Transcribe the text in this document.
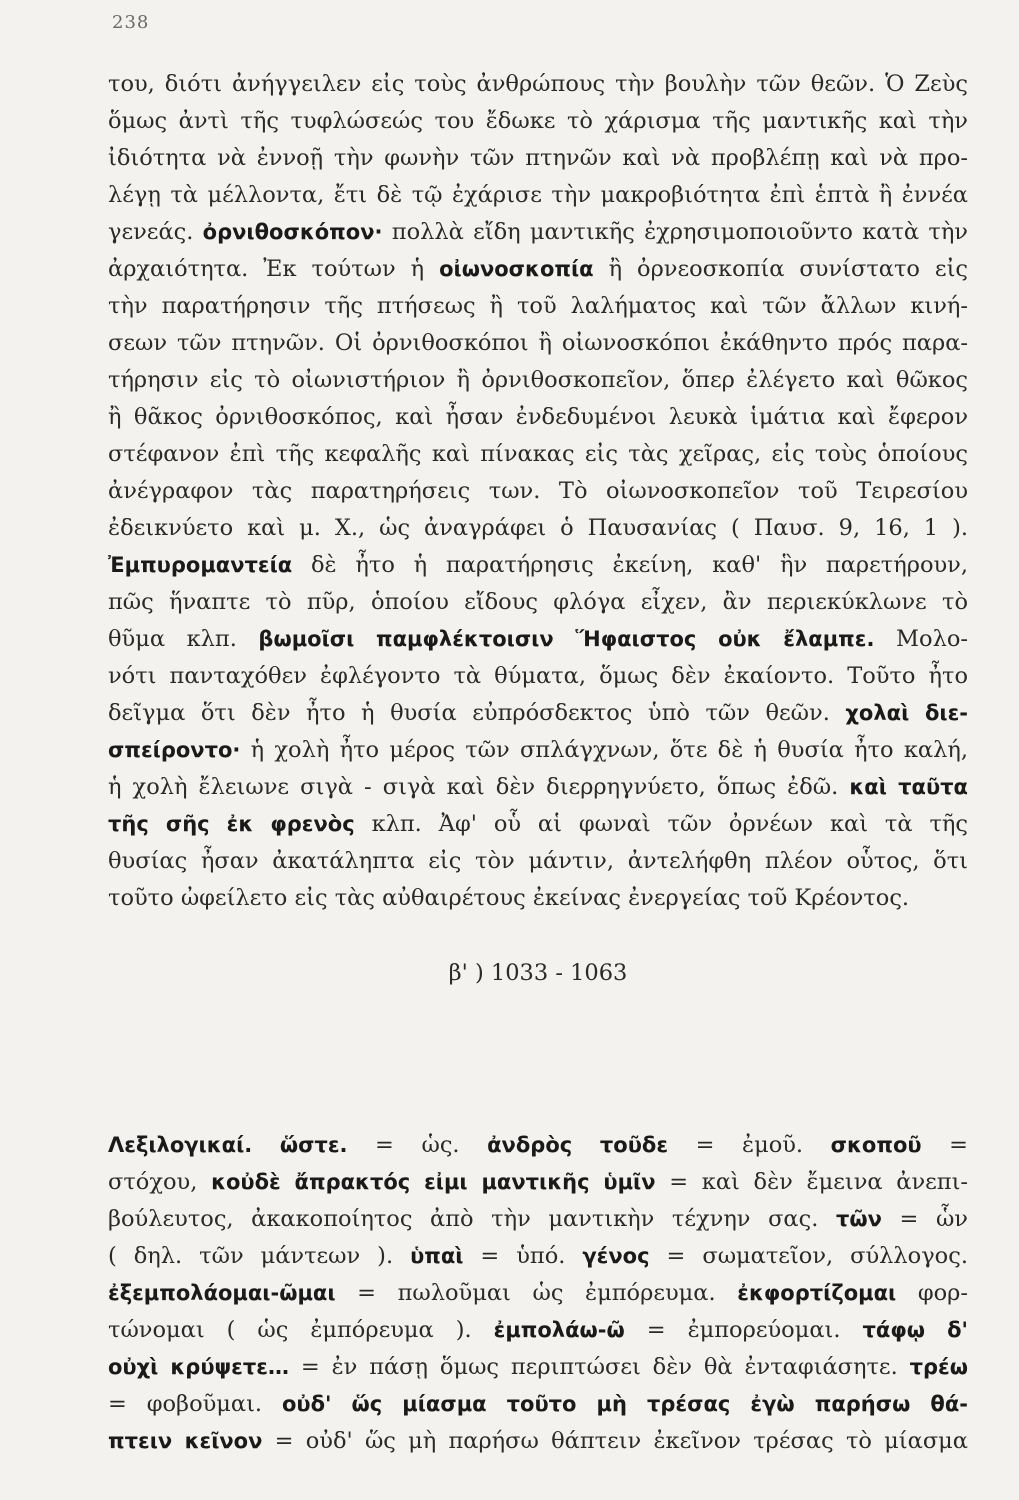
238
του, διότι ἀνήγγειλεν εἰς τοὺς ἀνθρώπους τὴν βουλὴν τῶν θεῶν. Ὁ Ζεὺς
ὅμως ἀντὶ τῆς τυφλώσεώς του ἔδωκε τὸ χάρισμα τῆς μαντικῆς καὶ τὴν
ἰδιότητα νὰ ἐννοῇ τὴν φωνὴν τῶν πτηνῶν καὶ νὰ προβλέπῃ καὶ νὰ προ-
λέγῃ τὰ μέλλοντα, ἔτι δὲ τῷ ἐχάρισε τὴν μακροβιότητα ἐπὶ ἑπτὰ ἢ ἐννέα
γενεάς. ὀρνιθοσκόπον· πολλὰ εἴδη μαντικῆς ἐχρησιμοποιοῦντο κατὰ τὴν
ἀρχαιότητα. Ἐκ τούτων ἡ οἰωνοσκοπία ἢ ὀρνεοσκοπία συνίστατο εἰς
τὴν παρατήρησιν τῆς πτήσεως ἢ τοῦ λαλήματος καὶ τῶν ἄλλων κινή-
σεων τῶν πτηνῶν. Οἱ ὀρνιθοσκόποι ἢ οἰωνοσκόποι ἐκάθηντο πρός παρα-
τήρησιν εἰς τὸ οἰωνιστήριον ἢ ὀρνιθοσκοπεῖον, ὅπερ ἐλέγετο καὶ θῶκος
ἢ θᾶκος ὀρνιθοσκόπος, καὶ ἦσαν ἐνδεδυμένοι λευκὰ ἱμάτια καὶ ἔφερον
στέφανον ἐπὶ τῆς κεφαλῆς καὶ πίνακας εἰς τὰς χεῖρας, εἰς τοὺς ὁποίους
ἀνέγραφον τὰς παρατηρήσεις των. Τὸ οἰωνοσκοπεῖον τοῦ Τειρεσίου
ἐδεικνύετο καὶ μ. Χ., ὡς ἀναγράφει ὁ Παυσανίας ( Παυσ. 9, 16, 1 ).
Ἐμπυρομαντεία δὲ ἦτο ἡ παρατήρησις ἐκείνη, καθ' ἣν παρετήρουν,
πῶς ἥναπτε τὸ πῦρ, ὁποίου εἴδους φλόγα εἶχεν, ἂν περιεκύκλωνε τὸ
θῦμα κλπ. βωμοῖσι παμφλέκτοισιν Ἥφαιστος οὐκ ἔλαμπε. Μολο-
νότι πανταχόθεν ἐφλέγοντο τὰ θύματα, ὅμως δὲν ἐκαίοντο. Τοῦτο ἦτο
δεῖγμα ὅτι δὲν ἦτο ἡ θυσία εὐπρόσδεκτος ὑπὸ τῶν θεῶν. χολαὶ διε-
σπείροντο· ἡ χολὴ ἦτο μέρος τῶν σπλάγχνων, ὅτε δὲ ἡ θυσία ἦτο καλή,
ἡ χολὴ ἔλειωνε σιγὰ - σιγὰ καὶ δὲν διερρηγνύετο, ὅπως ἐδῶ. καὶ ταῦτα
τῆς σῆς ἐκ φρενὸς κλπ. Ἀφ' οὗ αἱ φωναὶ τῶν ὀρνέων καὶ τὰ τῆς
θυσίας ἦσαν ἀκατάληπτα εἰς τὸν μάντιν, ἀντελήφθη πλέον οὗτος, ὅτι
τοῦτο ὠφείλετο εἰς τὰς αὐθαιρέτους ἐκείνας ἐνεργείας τοῦ Κρέοντος.
β' ) 1033 - 1063
Λεξιλογικαί. ὥστε. = ὡς. ἀνδρὸς τοῦδε = ἐμοῦ. σκοποῦ =
στόχου, κοὐδὲ ἄπρακτός εἰμι μαντικῆς ὑμῖν = καὶ δὲν ἔμεινα ἀνεπι-
βούλευτος, ἀκακοποίητος ἀπὸ τὴν μαντικὴν τέχνην σας. τῶν = ὧν
( δηλ. τῶν μάντεων ). ὑπαὶ = ὑπό. γένος = σωματεῖον, σύλλογος.
ἐξεμπολάομαι-ῶμαι = πωλοῦμαι ὡς ἐμπόρευμα. ἐκφορτίζομαι φορ-
τώνομαι ( ὡς ἐμπόρευμα ). ἐμπολάω-ῶ = ἐμπορεύομαι. τάφῳ δ'
οὐχὶ κρύψετε… = ἐν πάσῃ ὅμως περιπτώσει δὲν θὰ ἐνταφιάσητε. τρέω
= φοβοῦμαι. οὐδ' ὥς μίασμα τοῦτο μὴ τρέσας ἐγὼ παρήσω θά-
πτειν κεῖνον = οὐδ' ὥς μὴ παρήσω θάπτειν ἐκεῖνον τρέσας τὸ μίασμα
